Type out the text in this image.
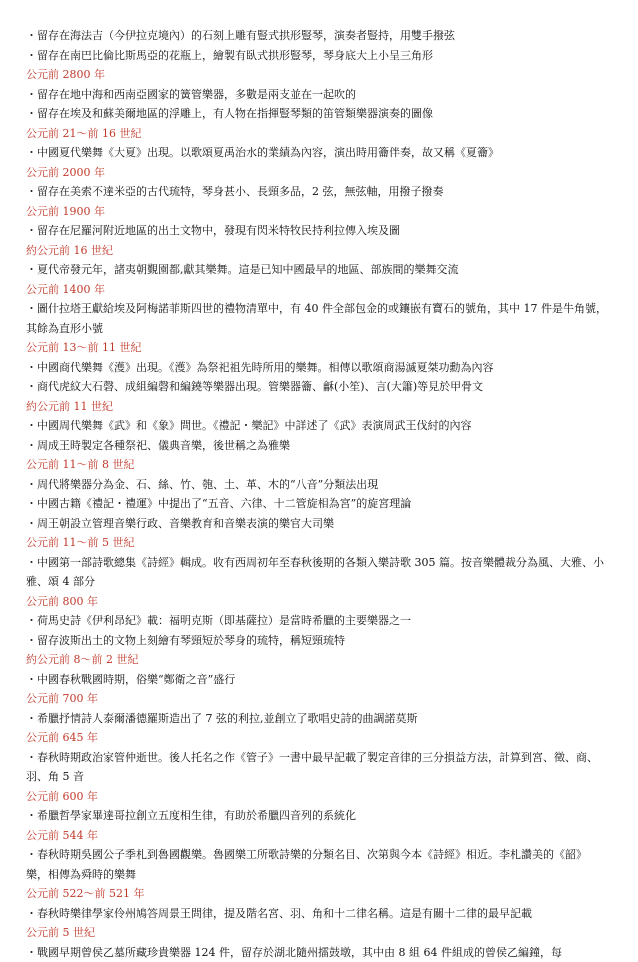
・留存在海法吉（今伊拉克境內）的石刻上雕有豎式拱形豎琴，演奏者豎持，用雙手撥弦
・留存在南巴比倫比斯馬亞的花瓶上，繪製有臥式拱形豎琴，琴身底大上小呈三角形
公元前 2800 年
・留存在地中海和西南亞國家的簧管樂器，多數是兩支並在一起吹的
・留存在埃及和蘇美爾地區的浮雕上，有人物在指揮豎琴類的笛管類樂器演奏的圖像
公元前 21～前 16 世紀
・中國夏代樂舞《大夏》出現。以歌頌夏禹治水的業績為內容，演出時用籥伴奏，故又稱《夏籥》
公元前 2000 年
・留存在美索不達米亞的古代琉特，琴身甚小、長頸多品，2 弦，無弦軸，用撥子撥奏
公元前 1900 年
・留存在尼羅河附近地區的出土文物中，發現有閃米特牧民持利拉傳入埃及圖
約公元前 16 世紀
・夏代帝發元年，諸夷朝覲園都,獻其樂舞。這是已知中國最早的地區、部族間的樂舞交流
公元前 1400 年
・圖什拉塔王獻給埃及阿梅諾菲斯四世的禮物清單中，有 40 件全部包金的或鑲嵌有寶石的號角，其中 17 件是牛角號，其餘為直形小號
公元前 13～前 11 世紀
・中國商代樂舞《濩》出現。《濩》為祭祀祖先時所用的樂舞。相傳以歌頌商湯滅夏桀功勳為內容
・商代虎紋大石磬、成組編磬和編鐃等樂器出現。管樂器籥、龢(小笙)、言(大簫)等見於甲骨文
約公元前 11 世紀
・中國周代樂舞《武》和《象》問世。《禮記・樂記》中詳述了《武》表演周武王伐紂的內容
・周成王時製定各種祭祀、儀典音樂，後世稱之為雅樂
公元前 11～前 8 世紀
・周代將樂器分為金、石、絲、竹、匏、土、革、木的“八音”分類法出現
・中國古籍《禮記・禮運》中提出了“五音、六律、十二管旋相為宮”的旋宮理論
・周王朝設立管理音樂行政、音樂教育和音樂表演的樂官大司樂
公元前 11～前 5 世紀
・中國第一部詩歌總集《詩經》輯成。收有西周初年至春秋後期的各類入樂詩歌 305 篇。按音樂體裁分為風、大雅、小雅、頌 4 部分
公元前 800 年
・荷馬史詩《伊利昂紀》載：福明克斯（即基薩拉）是當時希臘的主要樂器之一
・留存波斯出土的文物上刻繪有琴頸短於琴身的琉特，稱短頸琉特
約公元前 8～前 2 世紀
・中國春秋戰國時期，俗樂“鄭衛之音”盛行
公元前 700 年
・希臘抒情詩人泰爾潘德羅斯造出了 7 弦的利拉,並創立了歌唱史詩的曲調諾莫斯
公元前 645 年
・春秋時期政治家管仲逝世。後人托名之作《管子》一書中最早記載了製定音律的三分損益方法，計算到宮、徵、商、羽、角 5 音
公元前 600 年
・希臘哲學家畢達哥拉創立五度相生律，有助於希臘四音列的系統化
公元前 544 年
・春秋時期吳國公子季札到魯國觀樂。魯國樂工所歌詩樂的分類名目、次第與今本《詩經》相近。李札讚美的《韶》樂，相傳為舜時的樂舞
公元前 522～前 521 年
・春秋時樂律學家伶州鳩答周景王問律，提及階名宮、羽、角和十二律名稱。這是有關十二律的最早記載
公元前 5 世紀
・戰國早期曾侯乙墓所藏珍貴樂器 124 件，留存於湖北隨州擂鼓墩，其中由 8 組 64 件組成的曾侯乙編鐘，每
